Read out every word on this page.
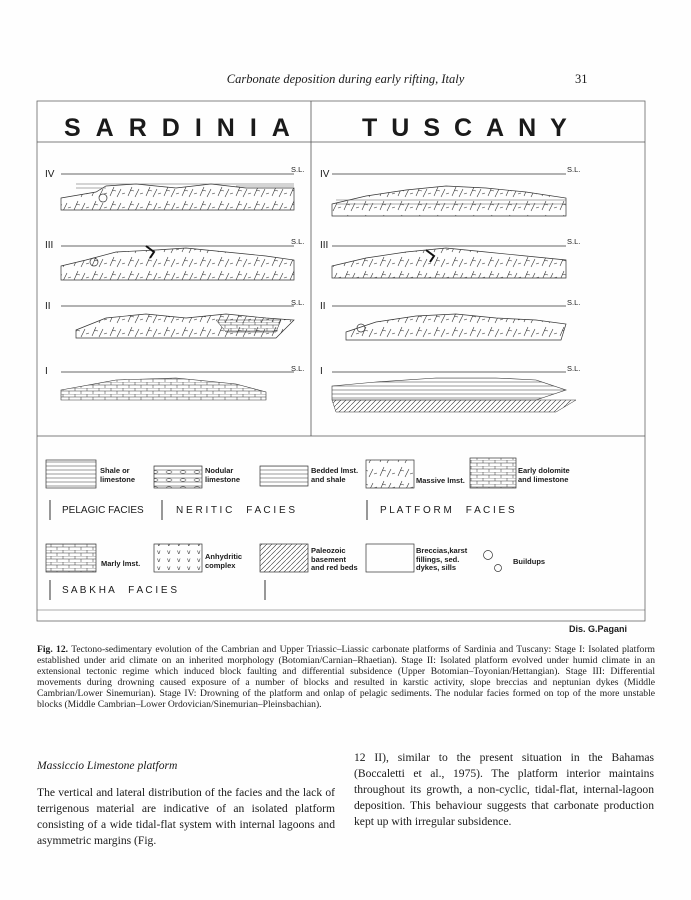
Carbonate deposition during early rifting, Italy	31
SARDINIA TUSCANY
IV
III
II
I
IV
III
II
I
S.L.
S.L.
S.L.
S.L.
S.L.
S.L.
S.L.
S.L.
Shale or
limestone
Nodular
limestone
Bedded lmst.
and shale	Massive lmst.
Early dolomite
and limestone
PELAGIC FACIES	N E R I T I C     F A C I E S	P L A T F O R M     F A C I E S
Marly lmst.
Anhydritic
complex
Paleozoic
basement
and red beds
Breccias,karst
fillings, sed.
dykes, sills
Buildups
S A B K H A     F A C I E S
Dis. G.Pagani

Fig. 12. Tectono-sedimentary evolution of the Cambrian and Upper Triassic–Liassic carbonate platforms of Sardinia and Tuscany: Stage I: Isolated platform established under arid climate on an inherited morphology (Botomian/Carnian–Rhaetian). Stage II: Isolated platform evolved under humid climate in an extensional tectonic regime which induced block faulting and differential subsidence (Upper Botomian–Toyonian/Hettangian). Stage III: Differential movements during drowning caused exposure of a number of blocks and resulted in karstic activity, slope breccias and neptunian dykes (Middle Cambrian/Lower Sinemurian). Stage IV: Drowning of the platform and onlap of pelagic sediments. The nodular facies formed on top of the more unstable blocks (Middle Cambrian–Lower Ordovician/Sinemurian–Pleinsbachian).

Massiccio Limestone platform

The vertical and lateral distribution of the facies and the lack of terrigenous material are indicative of an isolated platform consisting of a wide tidal-flat system with internal lagoons and asymmetric margins (Fig.

12 II), similar to the present situation in the Bahamas (Boccaletti et al., 1975). The platform interior maintains throughout its growth, a non-cyclic, tidal-flat, internal-lagoon deposition. This behaviour suggests that carbonate production kept up with irregular subsidence.
